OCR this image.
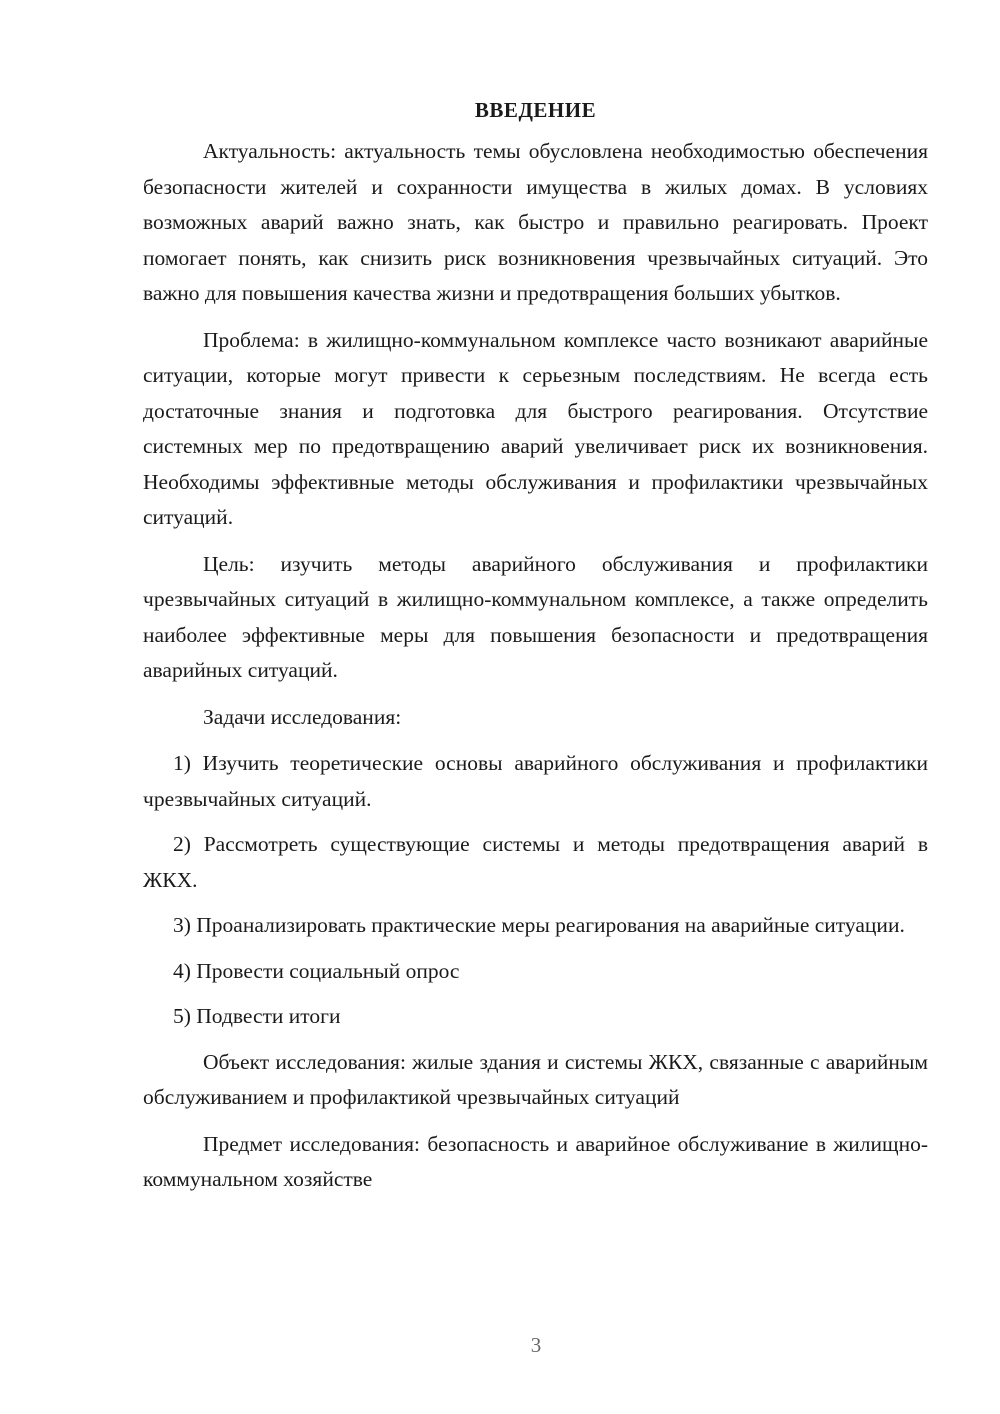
ВВЕДЕНИЕ

Актуальность: актуальность темы обусловлена необходимостью обеспечения безопасности жителей и сохранности имущества в жилых домах. В условиях возможных аварий важно знать, как быстро и правильно реагировать. Проект помогает понять, как снизить риск возникновения чрезвычайных ситуаций. Это важно для повышения качества жизни и предотвращения больших убытков.

Проблема: в жилищно-коммунальном комплексе часто возникают аварийные ситуации, которые могут привести к серьезным последствиям. Не всегда есть достаточные знания и подготовка для быстрого реагирования. Отсутствие системных мер по предотвращению аварий увеличивает риск их возникновения. Необходимы эффективные методы обслуживания и профилактики чрезвычайных ситуаций.

Цель: изучить методы аварийного обслуживания и профилактики чрезвычайных ситуаций в жилищно-коммунальном комплексе, а также определить наиболее эффективные меры для повышения безопасности и предотвращения аварийных ситуаций.

Задачи исследования:

1) Изучить теоретические основы аварийного обслуживания и профилактики чрезвычайных ситуаций.

2) Рассмотреть существующие системы и методы предотвращения аварий в ЖКХ.

3) Проанализировать практические меры реагирования на аварийные ситуации.

4) Провести социальный опрос

5) Подвести итоги

Объект исследования: жилые здания и системы ЖКХ, связанные с аварийным обслуживанием и профилактикой чрезвычайных ситуаций

Предмет исследования: безопасность и аварийное обслуживание в жилищно-коммунальном хозяйстве

3
